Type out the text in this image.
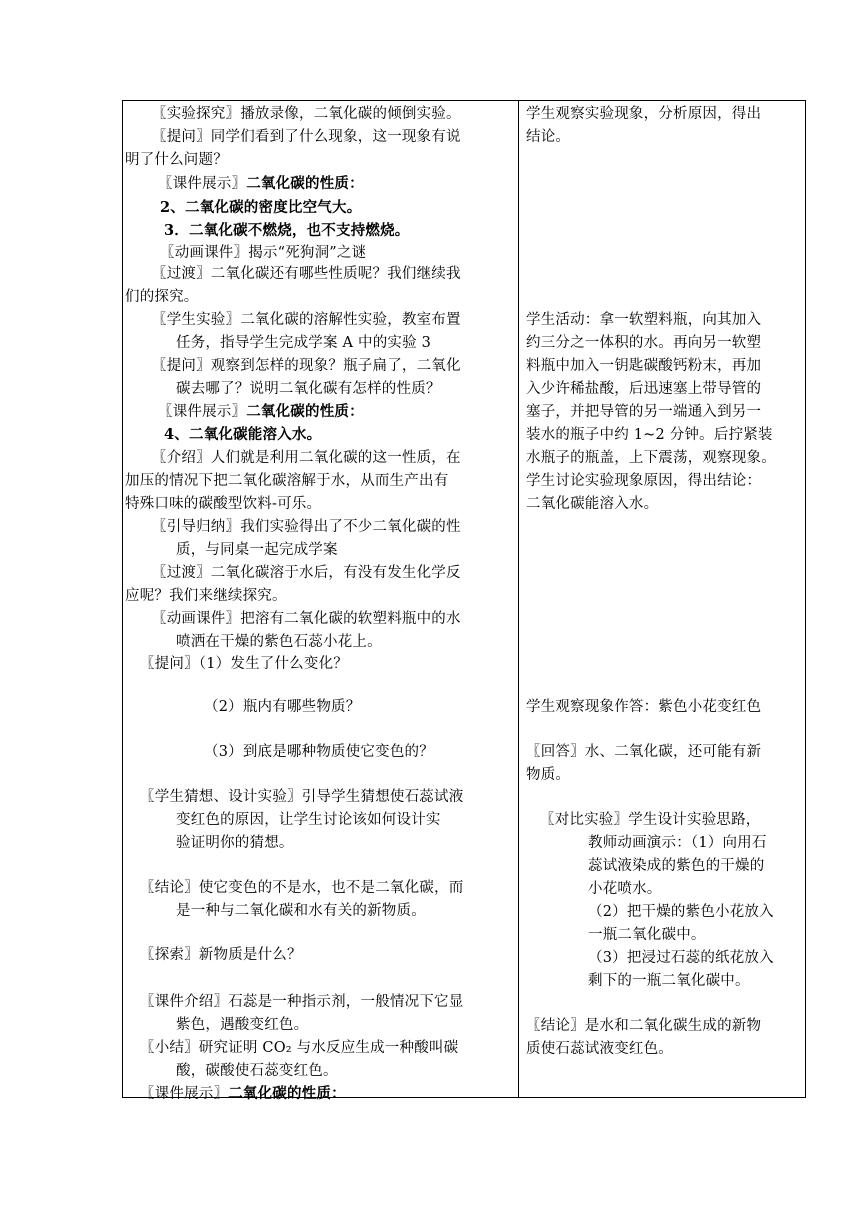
〖实验探究〗播放录像，二氧化碳的倾倒实验。
〖提问〗同学们看到了什么现象，这一现象有说
明了什么问题？
〖课件展示〗二氧化碳的性质：
2、二氧化碳的密度比空气大。
3．二氧化碳不燃烧，也不支持燃烧。
〖动画课件〗揭示“死狗洞”之谜
〖过渡〗二氧化碳还有哪些性质呢？我们继续我
们的探究。
〖学生实验〗二氧化碳的溶解性实验，教室布置
任务，指导学生完成学案 A 中的实验 3
〖提问〗观察到怎样的现象？瓶子扁了，二氧化
碳去哪了？说明二氧化碳有怎样的性质？
〖课件展示〗二氧化碳的性质：
4、二氧化碳能溶入水。
〖介绍〗人们就是利用二氧化碳的这一性质，在
加压的情况下把二氧化碳溶解于水，从而生产出有
特殊口味的碳酸型饮料-可乐。
〖引导归纳〗我们实验得出了不少二氧化碳的性
质，与同桌一起完成学案
〖过渡〗二氧化碳溶于水后，有没有发生化学反
应呢？我们来继续探究。
〖动画课件〗把溶有二氧化碳的软塑料瓶中的水
喷洒在干燥的紫色石蕊小花上。
〖提问〗（1）发生了什么变化？
（2）瓶内有哪些物质？
（3）到底是哪种物质使它变色的？
〖学生猜想、设计实验〗引导学生猜想使石蕊试液
变红色的原因，让学生讨论该如何设计实
验证明你的猜想。
〖结论〗使它变色的不是水，也不是二氧化碳，而
是一种与二氧化碳和水有关的新物质。
〖探索〗新物质是什么？
〖课件介绍〗石蕊是一种指示剂，一般情况下它显
紫色，遇酸变红色。
〖小结〗研究证明 CO₂ 与水反应生成一种酸叫碳
酸，碳酸使石蕊变红色。
〖课件展示〗二氧化碳的性质：
学生观察实验现象，分析原因，得出
结论。
学生活动：拿一软塑料瓶，向其加入
约三分之一体积的水。再向另一软塑
料瓶中加入一钥匙碳酸钙粉末，再加
入少许稀盐酸，后迅速塞上带导管的
塞子，并把导管的另一端通入到另一
装水的瓶子中约 1~2 分钟。后拧紧装
水瓶子的瓶盖，上下震荡，观察现象。
学生讨论实验现象原因，得出结论：
二氧化碳能溶入水。
学生观察现象作答：紫色小花变红色
〖回答〗水、二氧化碳，还可能有新
物质。
〖对比实验〗学生设计实验思路，
教师动画演示：（1）向用石
蕊试液染成的紫色的干燥的
小花喷水。
（2）把干燥的紫色小花放入
一瓶二氧化碳中。
（3）把浸过石蕊的纸花放入
剩下的一瓶二氧化碳中。
〖结论〗是水和二氧化碳生成的新物
质使石蕊试液变红色。
